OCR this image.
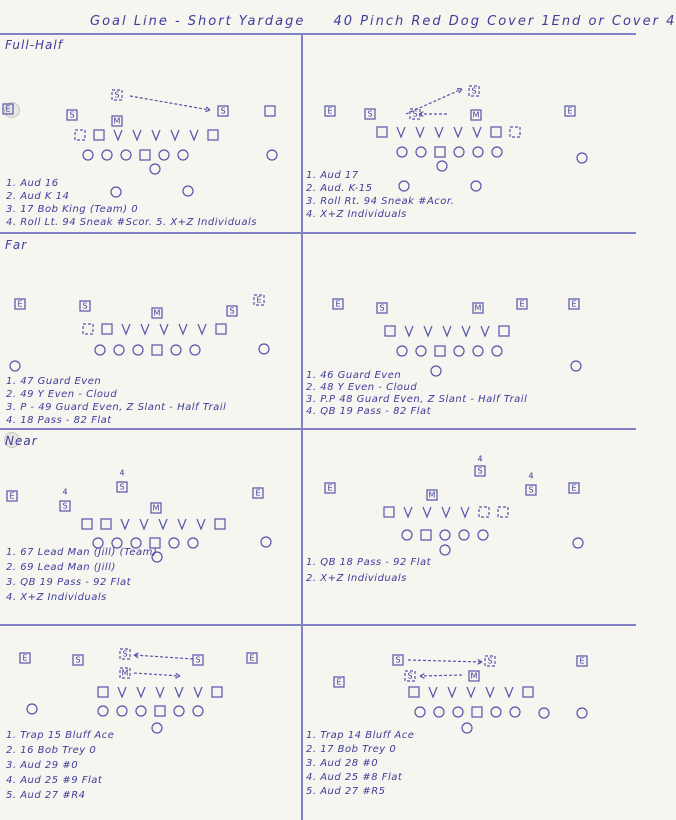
Goal Line - Short Yardage 40 Pinch Red Dog Cover 1End or Cover 4
Full-Half
Far
Near
E
S	S
S
M
E	S
S
S	M	E
E	S
M	S
E	E	S	M	E	E
E
S
4
S
4
M
E
E
M
S
4
S
4
E
E	S
S
M
S	E	S	S	E
S	M
E
1. Aud 16
2. Aud K 14
3. 17 Bob King (Team) 0
4. Roll Lt. 94 Sneak #Scor. 5. X+Z Individuals
1. Aud 17
2. Aud. K-15
3. Roll Rt. 94 Sneak #Acor.
4. X+Z Individuals
1. 47 Guard Even
2. 49 Y Even - Cloud
3. P - 49 Guard Even, Z Slant - Half Trail
4. 18 Pass - 82 Flat
1. 46 Guard Even
2. 48 Y Even - Cloud
3. P.P 48 Guard Even, Z Slant - Half Trail
4. QB 19 Pass - 82 Flat
1. 67 Lead Man (Jill) (Team)
2. 69 Lead Man (Jill)
3. QB 19 Pass - 92 Flat
4. X+Z Individuals
1. QB 18 Pass - 92 Flat
2. X+Z Individuals
1. Trap 15 Bluff Ace
2. 16 Bob Trey 0
3. Aud 29 #0
4. Aud 25 #9 Flat
5. Aud 27 #R4
1. Trap 14 Bluff Ace
2. 17 Bob Trey 0
3. Aud 28 #0
4. Aud 25 #8 Flat
5. Aud 27 #R5
